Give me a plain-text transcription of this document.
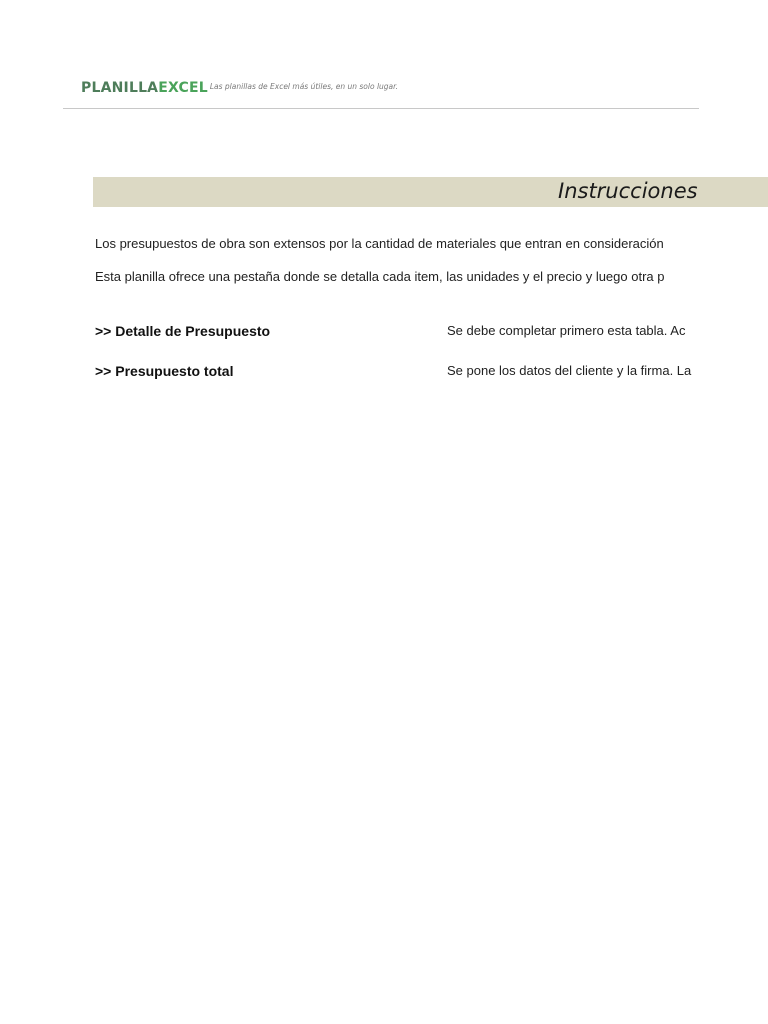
PLANILLA EXCEL Las planillas de Excel más útiles, en un solo lugar.
Instrucciones
Los presupuestos de obra son extensos por la cantidad de materiales que entran en consideración
Esta planilla ofrece una pestaña donde se detalla cada item, las unidades y el precio y luego otra p
>> Detalle de Presupuesto	Se debe completar primero esta tabla. Ac
>> Presupuesto total	Se pone los datos del cliente y la firma. La
